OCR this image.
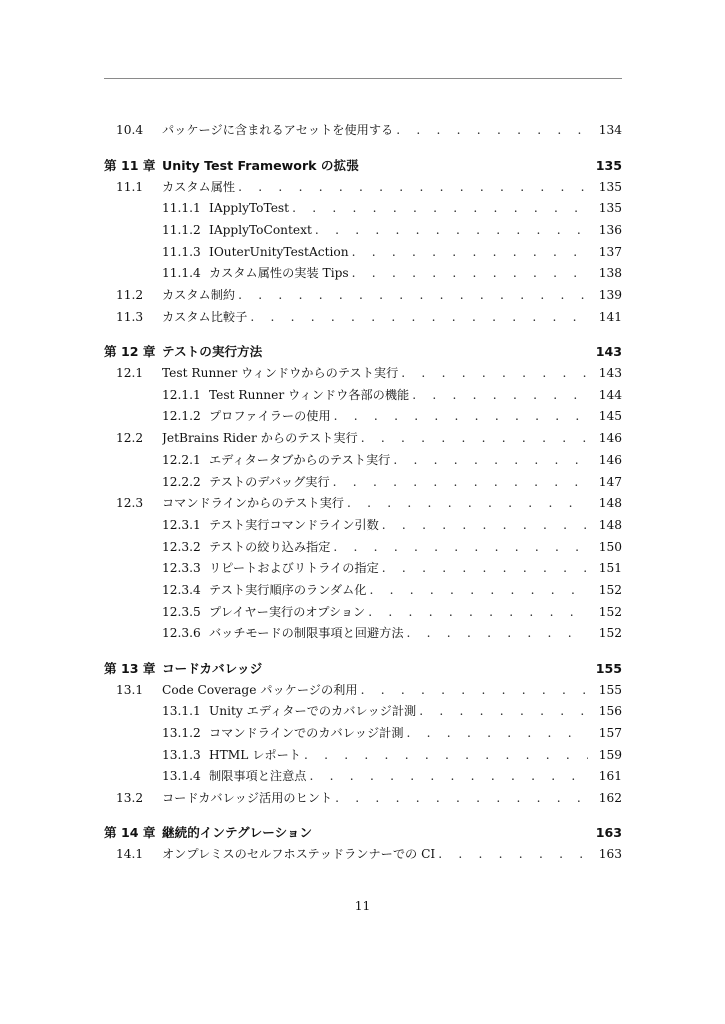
10.4 パッケージに含まれるアセットを使用する . . .	134
第 11 章 Unity Test Framework の拡張	135
11.1 カスタム属性 . . .	135
11.1.1 IApplyToTest . . .	135
11.1.2 IApplyToContext . . .	136
11.1.3 IOuterUnityTestAction . . .	137
11.1.4 カスタム属性の実装 Tips . . .	138
11.2 カスタム制約 . . .	139
11.3 カスタム比較子 . . .	141
第 12 章 テストの実行方法	143
12.1 Test Runner ウィンドウからのテスト実行 . . .	143
12.1.1 Test Runner ウィンドウ各部の機能 . . .	144
12.1.2 プロファイラーの使用 . . .	145
12.2 JetBrains Rider からのテスト実行 . . .	146
12.2.1 エディタータブからのテスト実行 . . .	146
12.2.2 テストのデバッグ実行 . . .	147
12.3 コマンドラインからのテスト実行 . . .	148
12.3.1 テスト実行コマンドライン引数 . . .	148
12.3.2 テストの絞り込み指定 . . .	150
12.3.3 リピートおよびリトライの指定 . . .	151
12.3.4 テスト実行順序のランダム化 . . .	152
12.3.5 プレイヤー実行のオプション . . .	152
12.3.6 バッチモードの制限事項と回避方法 . . .	152
第 13 章 コードカバレッジ	155
13.1 Code Coverage パッケージの利用 . . .	155
13.1.1 Unity エディターでのカバレッジ計測 . . .	156
13.1.2 コマンドラインでのカバレッジ計測 . . .	157
13.1.3 HTML レポート . . .	159
13.1.4 制限事項と注意点 . . .	161
13.2 コードカバレッジ活用のヒント . . .	162
第 14 章 継続的インテグレーション	163
14.1 オンプレミスのセルフホステッドランナーでの CI . . .	163
11
